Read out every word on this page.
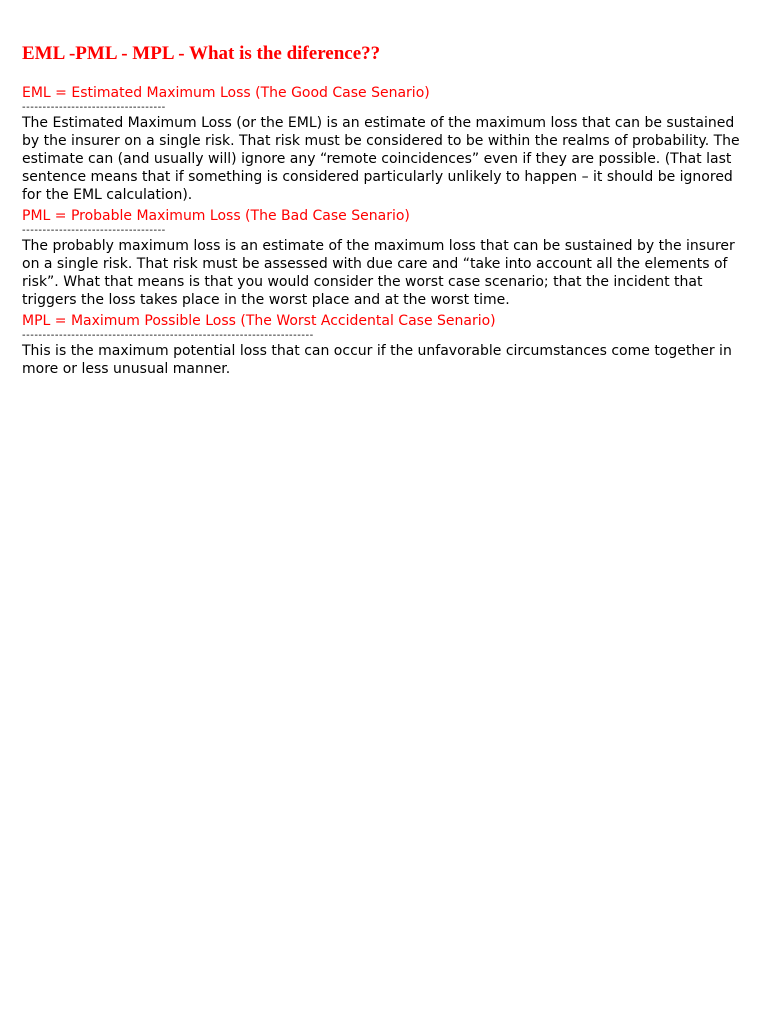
EML -PML - MPL - What is the diference??
EML = Estimated Maximum Loss (The Good Case Senario)
-----------------------------------

The Estimated Maximum Loss (or the EML) is an estimate of the maximum loss that can be sustained by the insurer on a single risk. That risk must be considered to be within the realms of probability. The estimate can (and usually will) ignore any “remote coincidences” even if they are possible. (That last sentence means that if something is considered particularly unlikely to happen – it should be ignored for the EML calculation).

PML = Probable Maximum Loss (The Bad Case Senario)
-----------------------------------

The probably maximum loss is an estimate of the maximum loss that can be sustained by the insurer on a single risk. That risk must be assessed with due care and “take into account all the elements of risk”. What that means is that you would consider the worst case scenario; that the incident that triggers the loss takes place in the worst place and at the worst time.

MPL = Maximum Possible Loss (The Worst Accidental Case Senario)
-----------------------------------------------------------------------

This is the maximum potential loss that can occur if the unfavorable circumstances come together in more or less unusual manner.
